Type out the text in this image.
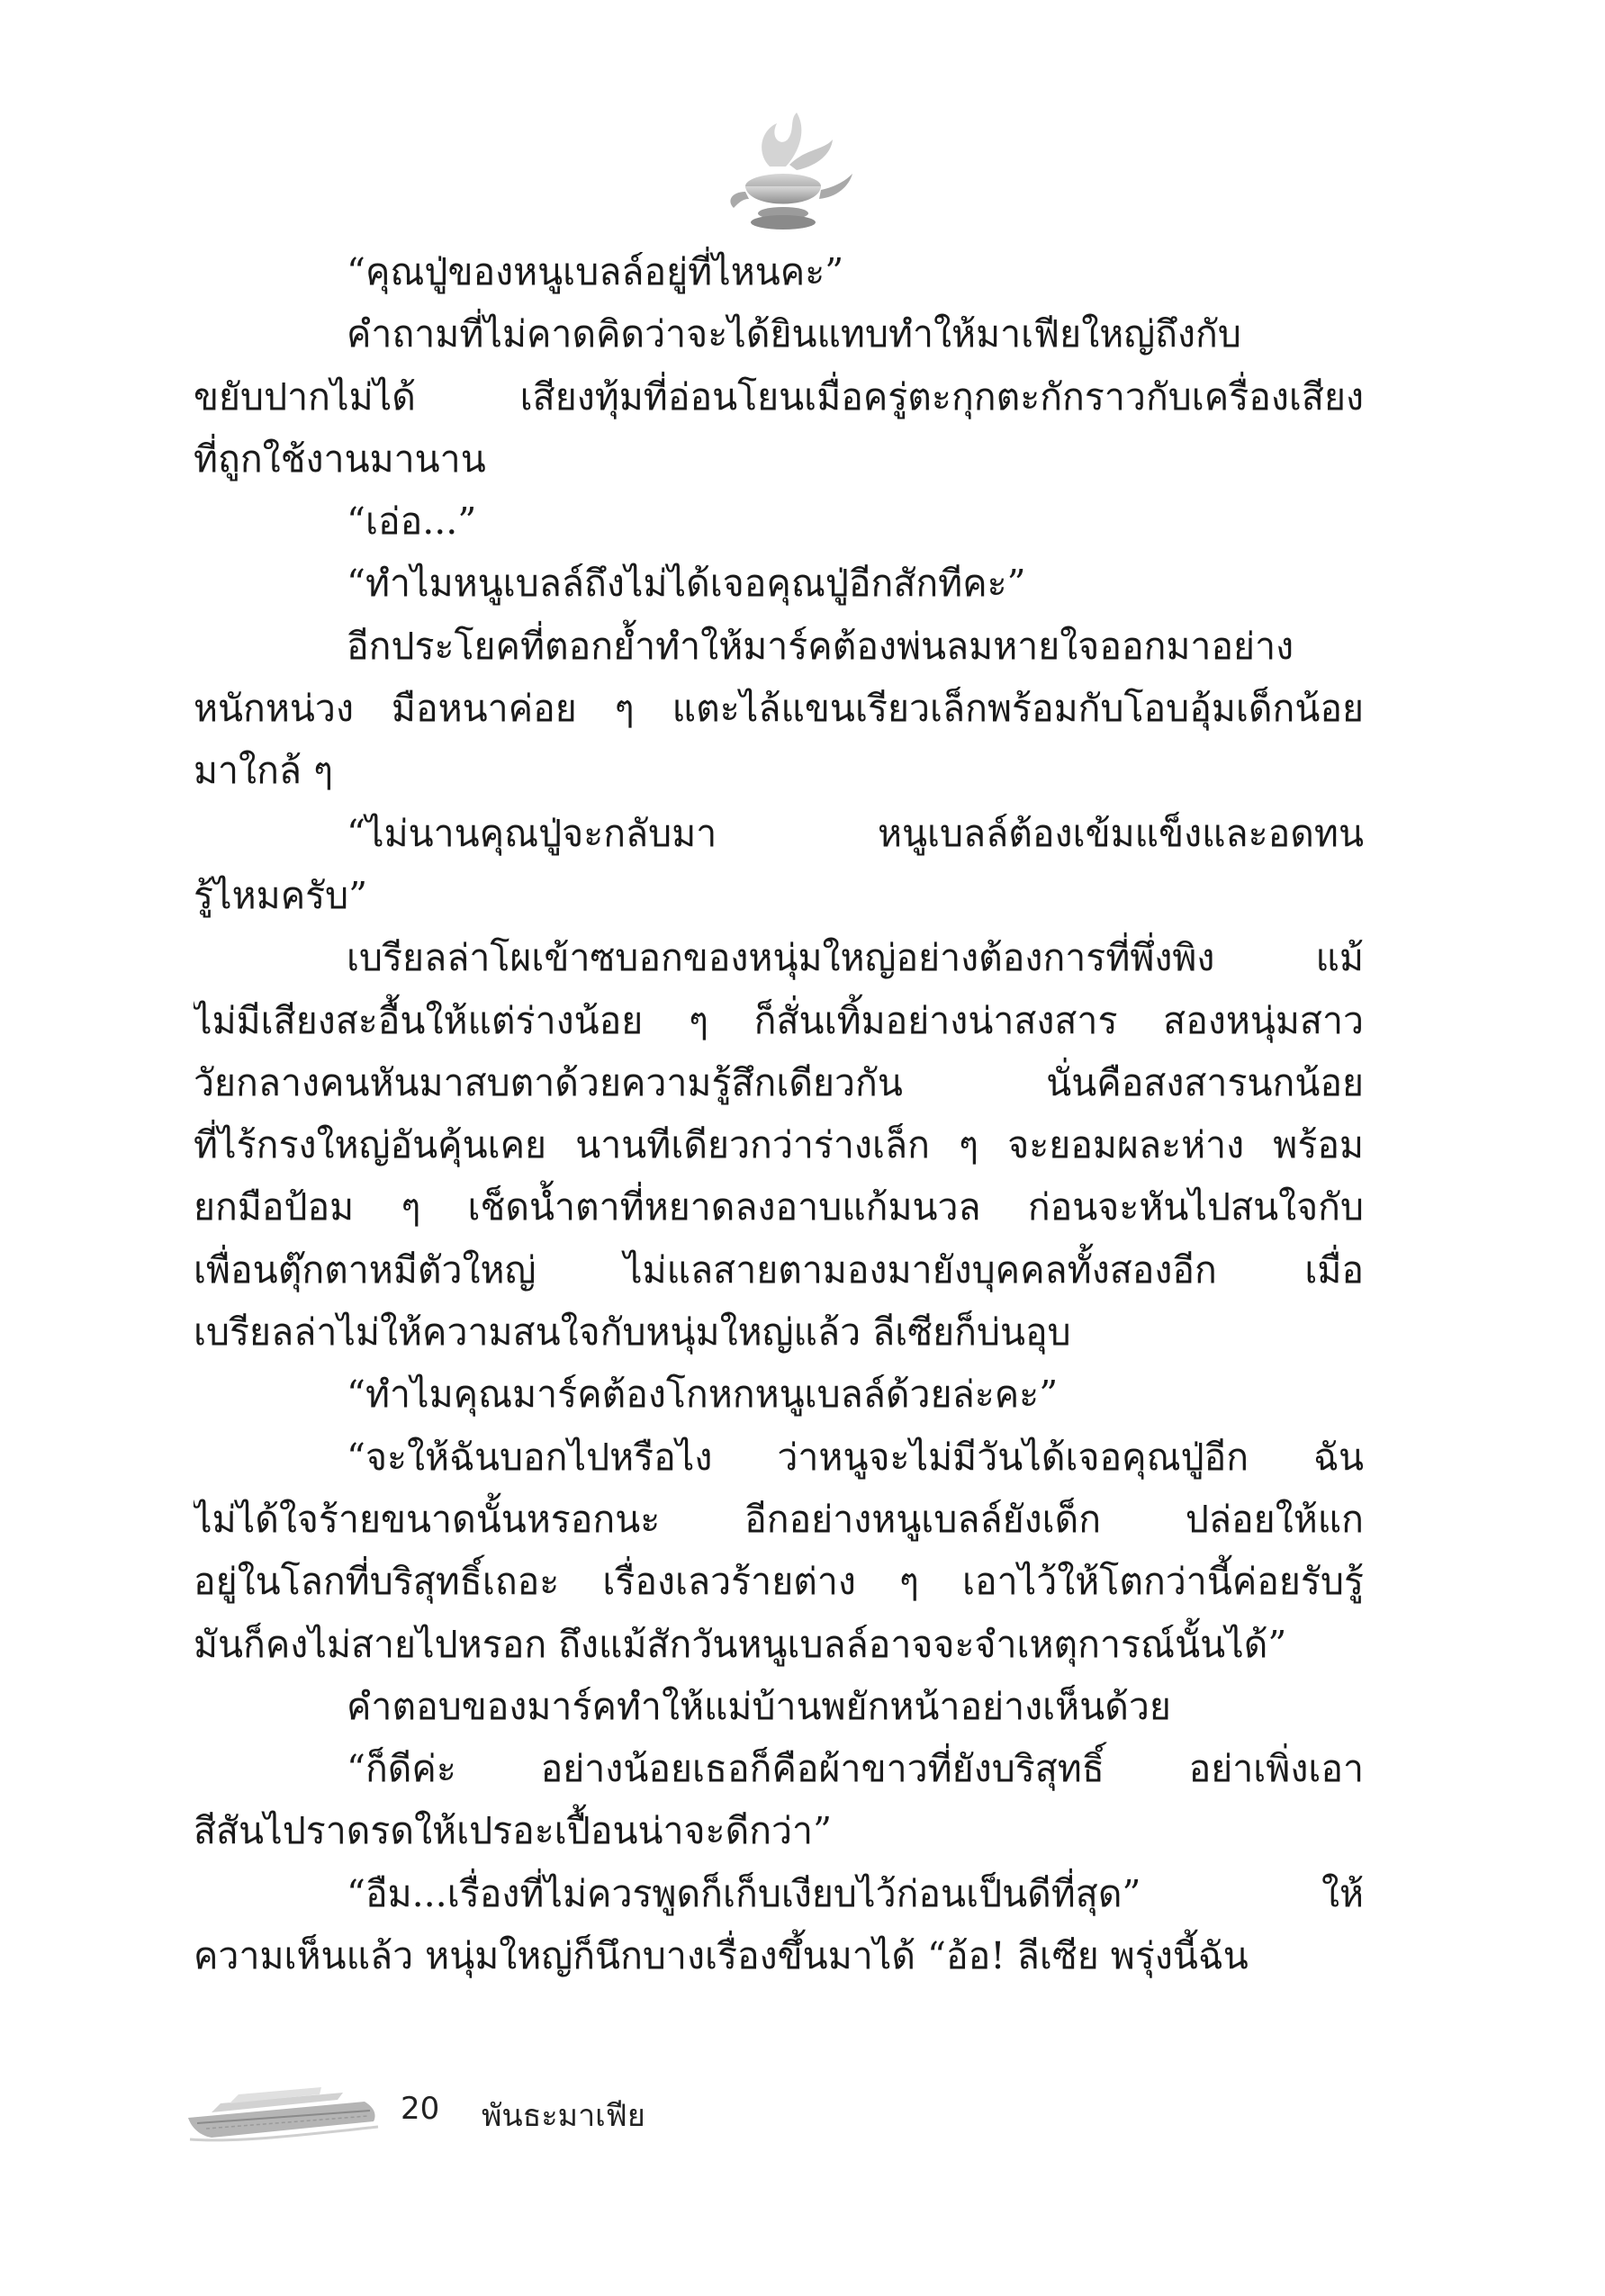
“คุณปู่ของหนูเบลล์อยู่ที่ไหนคะ”
คำถามที่ไม่คาดคิดว่าจะได้ยินแทบทำให้มาเฟียใหญ่ถึงกับ
ขยับปากไม่ได้ เสียงทุ้มที่อ่อนโยนเมื่อครู่ตะกุกตะกักราวกับเครื่องเสียง
ที่ถูกใช้งานมานาน
“เอ่อ...”
“ทำไมหนูเบลล์ถึงไม่ได้เจอคุณปู่อีกสักทีคะ”
อีกประโยคที่ตอกย้ำทำให้มาร์คต้องพ่นลมหายใจออกมาอย่าง
หนักหน่วง มือหนาค่อย ๆ แตะไล้แขนเรียวเล็กพร้อมกับโอบอุ้มเด็กน้อย
มาใกล้ ๆ
“ไม่นานคุณปู่จะกลับมา หนูเบลล์ต้องเข้มแข็งและอดทน
รู้ไหมครับ”
เบรียลล่าโผเข้าซบอกของหนุ่มใหญ่อย่างต้องการที่พึ่งพิง แม้
ไม่มีเสียงสะอื้นให้แต่ร่างน้อย ๆ ก็สั่นเทิ้มอย่างน่าสงสาร สองหนุ่มสาว
วัยกลางคนหันมาสบตาด้วยความรู้สึกเดียวกัน นั่นคือสงสารนกน้อย
ที่ไร้กรงใหญ่อันคุ้นเคย นานทีเดียวกว่าร่างเล็ก ๆ จะยอมผละห่าง พร้อม
ยกมือป้อม ๆ เช็ดน้ำตาที่หยาดลงอาบแก้มนวล ก่อนจะหันไปสนใจกับ
เพื่อนตุ๊กตาหมีตัวใหญ่ ไม่แลสายตามองมายังบุคคลทั้งสองอีก เมื่อ
เบรียลล่าไม่ให้ความสนใจกับหนุ่มใหญ่แล้ว ลีเซียก็บ่นอุบ
“ทำไมคุณมาร์คต้องโกหกหนูเบลล์ด้วยล่ะคะ”
“จะให้ฉันบอกไปหรือไง ว่าหนูจะไม่มีวันได้เจอคุณปู่อีก ฉัน
ไม่ได้ใจร้ายขนาดนั้นหรอกนะ อีกอย่างหนูเบลล์ยังเด็ก ปล่อยให้แก
อยู่ในโลกที่บริสุทธิ์เถอะ เรื่องเลวร้ายต่าง ๆ เอาไว้ให้โตกว่านี้ค่อยรับรู้
มันก็คงไม่สายไปหรอก ถึงแม้สักวันหนูเบลล์อาจจะจำเหตุการณ์นั้นได้”
คำตอบของมาร์คทำให้แม่บ้านพยักหน้าอย่างเห็นด้วย
“ก็ดีค่ะ อย่างน้อยเธอก็คือผ้าขาวที่ยังบริสุทธิ์ อย่าเพิ่งเอา
สีสันไปราดรดให้เปรอะเปื้อนน่าจะดีกว่า”
“อืม...เรื่องที่ไม่ควรพูดก็เก็บเงียบไว้ก่อนเป็นดีที่สุด” ให้
ความเห็นแล้ว หนุ่มใหญ่ก็นึกบางเรื่องขึ้นมาได้ “อ้อ! ลีเซีย พรุ่งนี้ฉัน
20 พันธะมาเฟีย
